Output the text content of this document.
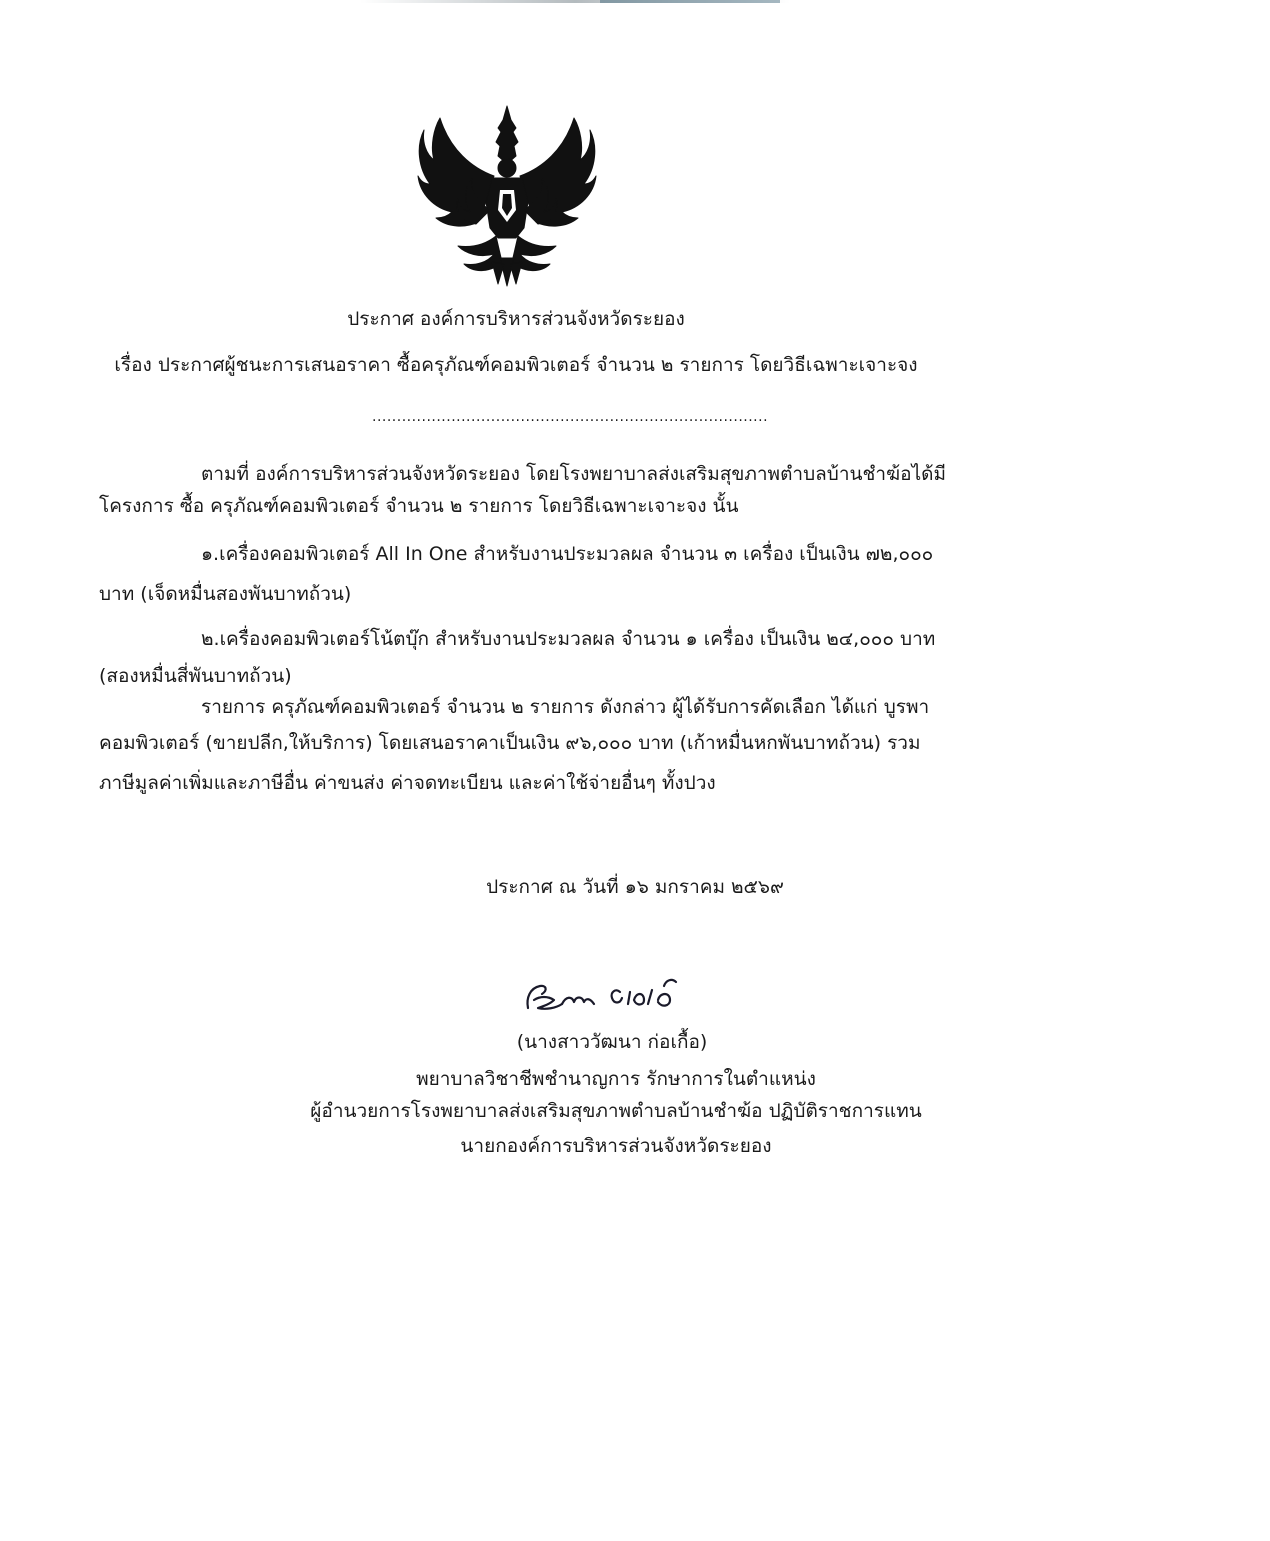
ประกาศ องค์การบริหารส่วนจังหวัดระยอง
เรื่อง ประกาศผู้ชนะการเสนอราคา ซื้อครุภัณฑ์คอมพิวเตอร์ จำนวน ๒ รายการ โดยวิธีเฉพาะเจาะจง
................................................................................
ตามที่ องค์การบริหารส่วนจังหวัดระยอง โดยโรงพยาบาลส่งเสริมสุขภาพตำบลบ้านชำฆ้อได้มี
โครงการ ซื้อ ครุภัณฑ์คอมพิวเตอร์ จำนวน ๒ รายการ โดยวิธีเฉพาะเจาะจง นั้น
๑.เครื่องคอมพิวเตอร์ All In One สำหรับงานประมวลผล จำนวน ๓ เครื่อง เป็นเงิน ๗๒,๐๐๐
บาท (เจ็ดหมื่นสองพันบาทถ้วน)
๒.เครื่องคอมพิวเตอร์โน้ตบุ๊ก สำหรับงานประมวลผล จำนวน ๑ เครื่อง เป็นเงิน ๒๔,๐๐๐ บาท
(สองหมื่นสี่พันบาทถ้วน)
รายการ ครุภัณฑ์คอมพิวเตอร์ จำนวน ๒ รายการ ดังกล่าว ผู้ได้รับการคัดเลือก ได้แก่ บูรพา
คอมพิวเตอร์ (ขายปลีก,ให้บริการ) โดยเสนอราคาเป็นเงิน ๙๖,๐๐๐ บาท (เก้าหมื่นหกพันบาทถ้วน) รวม
ภาษีมูลค่าเพิ่มและภาษีอื่น ค่าขนส่ง ค่าจดทะเบียน และค่าใช้จ่ายอื่นๆ ทั้งปวง
ประกาศ ณ วันที่ ๑๖ มกราคม ๒๕๖๙
(นางสาววัฒนา ก่อเกื้อ)
พยาบาลวิชาชีพชำนาญการ รักษาการในตำแหน่ง
ผู้อำนวยการโรงพยาบาลส่งเสริมสุขภาพตำบลบ้านชำฆ้อ ปฏิบัติราชการแทน
นายกองค์การบริหารส่วนจังหวัดระยอง
